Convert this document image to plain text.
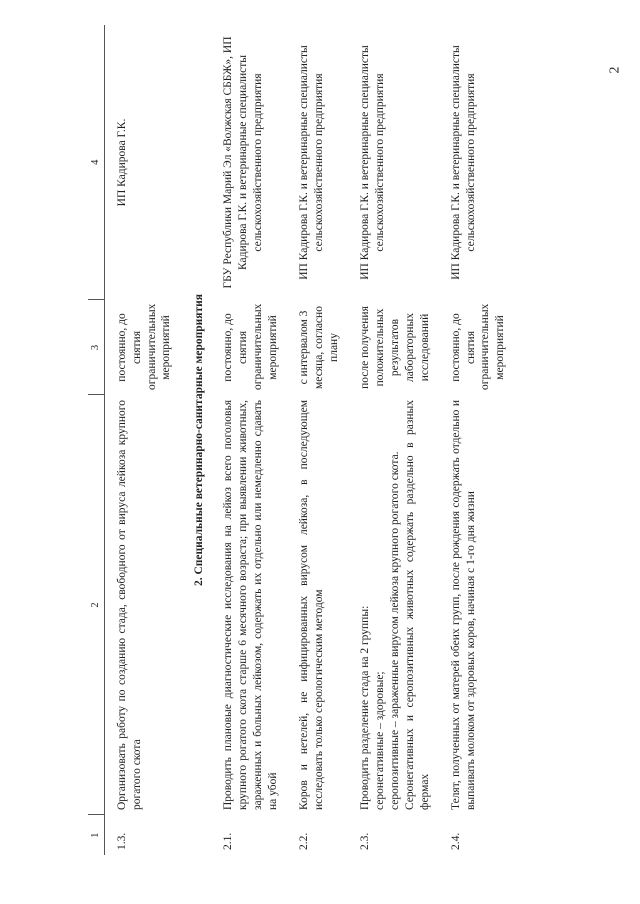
2
1	2	3	4
1.3.	Организовать работу по созданию стада, свободного от вируса лейкоза крупного рогатого скота	постоянно, до снятия ограничительных мероприятий	ИП Кадирова Г.К.
2. Специальные ветеринарно-санитарные мероприятия			
2.1.	Проводить плановые диагностические исследования на лейкоз всего поголовья крупного рогатого скота старше 6 месячного возраста; при выявлении животных, зараженных и больных лейкозом, содержать их отдельно или немедленно сдавать на убой	постоянно, до снятия ограничительных мероприятий	ГБУ Республики Марий Эл «Волжская СББЖ», ИП Кадирова Г.К. и ветеринарные специалисты сельскохозяйственного предприятия
2.2.	Коров и нетелей, не инфицированных вирусом лейкоза, в последующем исследовать только серологическим методом	с интервалом 3 месяца, согласно плану	ИП Кадирова Г.К. и ветеринарные специалисты сельскохозяйственного предприятия
2.3.	Проводить разделение стада на 2 группы: серонегативные – здоровые; серопозитивные – зараженные вирусом лейкоза крупного рогатого скота. Серонегативных и серопозитивных животных содержать раздельно в разных фермах	после получения положительных результатов лабораторных исследований	ИП Кадирова Г.К. и ветеринарные специалисты сельскохозяйственного предприятия
2.4.	Телят, полученных от матерей обеих групп, после рождения содержать отдельно и выпаивать молоком от здоровых коров, начиная с 1-го дня жизни	постоянно, до снятия ограничительных мероприятий	ИП Кадирова Г.К. и ветеринарные специалисты сельскохозяйственного предприятия
